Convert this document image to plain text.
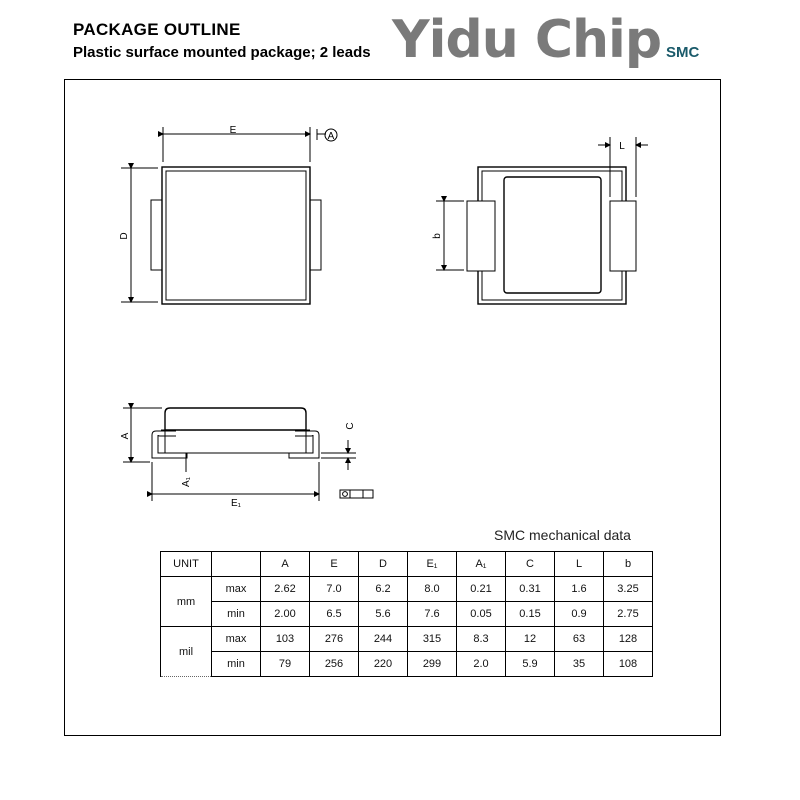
PACKAGE OUTLINE
Plastic surface mounted package; 2 leads Yidu Chip SMC
E
A
D
L
b
A
C
A₁
E₁
SMC mechanical data
UNIT		A	E	D	E₁	A₁	C	L	b
mm	max	2.62	7.0	6.2	8.0	0.21	0.31	1.6	3.25
	min	2.00	6.5	5.6	7.6	0.05	0.15	0.9	2.75
mil	max	103	276	244	315	8.3	12	63	128
	min	79	256	220	299	2.0	5.9	35	108
